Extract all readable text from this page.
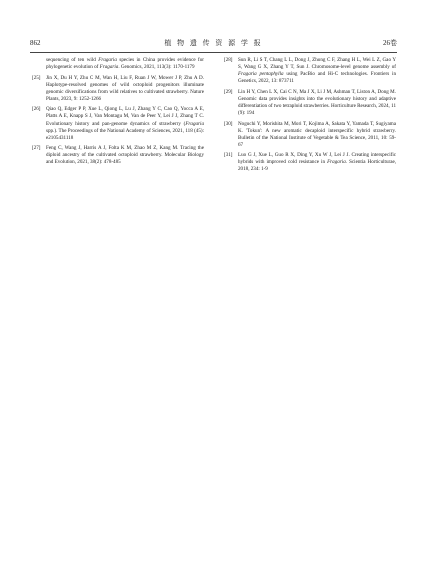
862	植 物 遗 传 资 源 学 报	26卷
sequencing of ten wild Fragaria species in China provides evidence for phylogenetic evolution of Fragaria. Genomics, 2021, 113(3): 1170-1179
[25]	Jin X, Du H Y, Zhu C M, Wan H, Liu F, Ruan J W, Mower J P, Zhu A D. Haplotype-resolved genomes of wild octoploid progenitors illuminate genomic diversifications from wild relatives to cultivated strawberry. Nature Plants, 2023, 9: 1252-1266
[26]	Qiao Q, Edger P P, Xue L, Qiong L, Lu J, Zhang Y C, Cao Q, Yocca A E, Platts A E, Knapp S J, Van Montagu M, Van de Peer Y, Lei J J, Zhang T C. Evolutionary history and pan-genome dynamics of strawberry (Fragaria spp.). The Proceedings of the National Academy of Sciences, 2021, 118 (45): e2105431118
[27]	Feng C, Wang J, Harris A J, Folta K M, Zhao M Z, Kang M. Tracing the diploid ancestry of the cultivated octoploid strawberry. Molecular Biology and Evolution, 2021, 38(2): 478-485
[28]	Sun R, Li S T, Chang L L, Dong J, Zhong C F, Zhang H L, Wei L Z, Gao Y S, Wang G X, Zhang Y T, Sun J. Chromosome-level genome assembly of Fragaria pentaphylla using PacBio and Hi-C technologies. Frontiers in Genetics, 2022, 13: 873711
[29]	Lin H Y, Chen L X, Cai C N, Ma J X, Li J M, Ashman T, Liston A, Dong M. Genomic data provides insights into the evolutionary history and adaptive differentiation of two tetraploid strawberries. Horticulture Research, 2024, 11 (9): 194
[30]	Noguchi Y, Morishita M, Mori T, Kojima A, Sakata Y, Yamada T, Sugiyama K. 'Tokun': A new aromatic decaploid interspecific hybrid strawberry. Bulletin of the National Institute of Vegetable & Tea Science, 2011, 10: 59-67
[31]	Luo G J, Xue L, Guo R X, Ding Y, Xu W J, Lei J J. Creating interspecific hybrids with improved cold resistance in Fragaria. Scientia Horticulturae, 2018, 234: 1-9
